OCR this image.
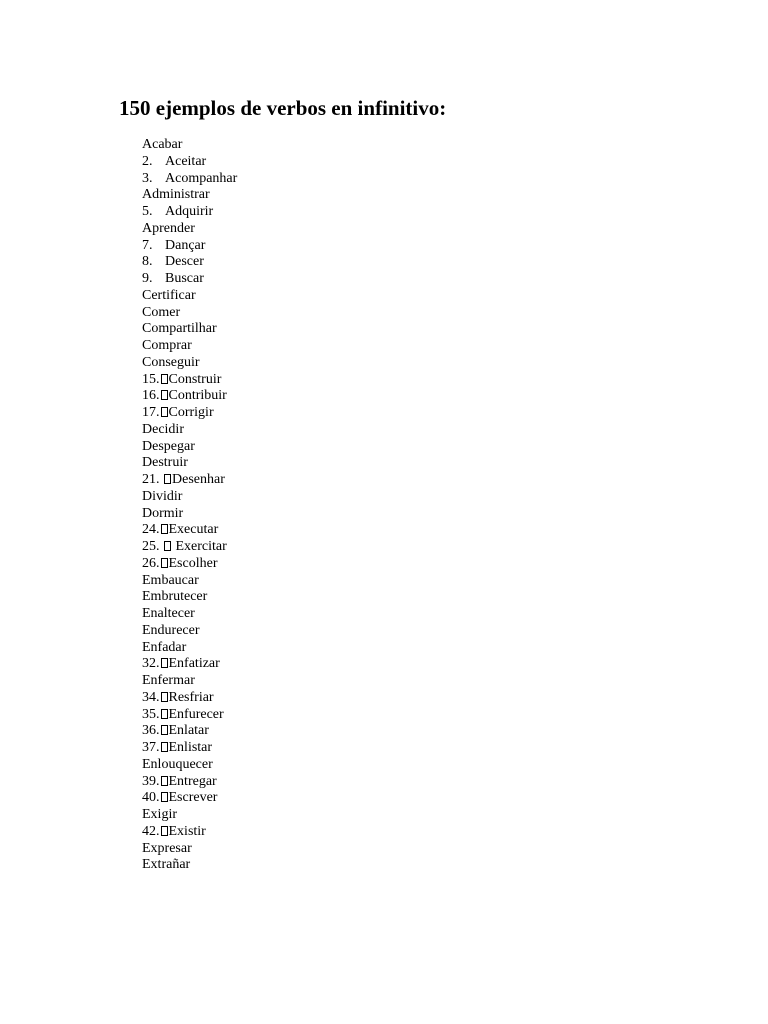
150 ejemplos de verbos en infinitivo:
Acabar
2. Aceitar
3. Acompanhar
Administrar
5. Adquirir
Aprender
7. Dançar
8. Descer
9. Buscar
Certificar
Comer
Compartilhar
Comprar
Conseguir
15. Construir
16. Contribuir
17. Corrigir
Decidir
Despegar
Destruir
21. Desenhar
Dividir
Dormir
24. Executar
25. Exercitar
26. Escolher
Embaucar
Embrutecer
Enaltecer
Endurecer
Enfadar
32. Enfatizar
Enfermar
34. Resfriar
35. Enfurecer
36. Enlatar
37. Enlistar
Enlouquecer
39. Entregar
40. Escrever
Exigir
42. Existir
Expresar
Extrañar
